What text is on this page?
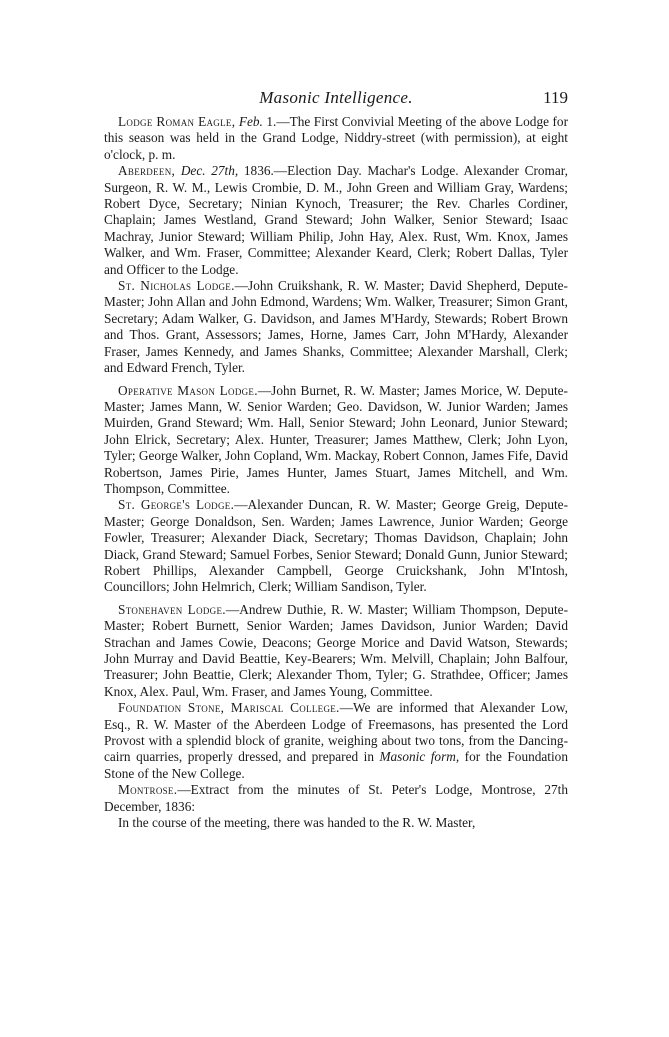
Masonic Intelligence.	119

Lodge Roman Eagle, Feb. 1.—The First Convivial Meeting of the above Lodge for this season was held in the Grand Lodge, Niddry-street (with permission), at eight o'clock, p. m.

Aberdeen, Dec. 27th, 1836.—Election Day. Machar's Lodge. Alexander Cromar, Surgeon, R. W. M., Lewis Crombie, D. M., John Green and William Gray, Wardens; Robert Dyce, Secretary; Ninian Kynoch, Treasurer; the Rev. Charles Cordiner, Chaplain; James Westland, Grand Steward; John Walker, Senior Steward; Isaac Machray, Junior Steward; William Philip, John Hay, Alex. Rust, Wm. Knox, James Walker, and Wm. Fraser, Committee; Alexander Keard, Clerk; Robert Dallas, Tyler and Officer to the Lodge.

St. Nicholas Lodge.—John Cruikshank, R. W. Master; David Shepherd, Depute-Master; John Allan and John Edmond, Wardens; Wm. Walker, Treasurer; Simon Grant, Secretary; Adam Walker, G. Davidson, and James M'Hardy, Stewards; Robert Brown and Thos. Grant, Assessors; James, Horne, James Carr, John M'Hardy, Alexander Fraser, James Kennedy, and James Shanks, Committee; Alexander Marshall, Clerk; and Edward French, Tyler.

Operative Mason Lodge.—John Burnet, R. W. Master; James Morice, W. Depute-Master; James Mann, W. Senior Warden; Geo. Davidson, W. Junior Warden; James Muirden, Grand Steward; Wm. Hall, Senior Steward; John Leonard, Junior Steward; John Elrick, Secretary; Alex. Hunter, Treasurer; James Matthew, Clerk; John Lyon, Tyler; George Walker, John Copland, Wm. Mackay, Robert Connon, James Fife, David Robertson, James Pirie, James Hunter, James Stuart, James Mitchell, and Wm. Thompson, Committee.

St. George's Lodge.—Alexander Duncan, R. W. Master; George Greig, Depute-Master; George Donaldson, Sen. Warden; James Lawrence, Junior Warden; George Fowler, Treasurer; Alexander Diack, Secretary; Thomas Davidson, Chaplain; John Diack, Grand Steward; Samuel Forbes, Senior Steward; Donald Gunn, Junior Steward; Robert Phillips, Alexander Campbell, George Cruickshank, John M'Intosh, Councillors; John Helmrich, Clerk; William Sandison, Tyler.

Stonehaven Lodge.—Andrew Duthie, R. W. Master; William Thompson, Depute-Master; Robert Burnett, Senior Warden; James Davidson, Junior Warden; David Strachan and James Cowie, Deacons; George Morice and David Watson, Stewards; John Murray and David Beattie, Key-Bearers; Wm. Melvill, Chaplain; John Balfour, Treasurer; John Beattie, Clerk; Alexander Thom, Tyler; G. Strathdee, Officer; James Knox, Alex. Paul, Wm. Fraser, and James Young, Committee.

Foundation Stone, Mariscal College.—We are informed that Alexander Low, Esq., R. W. Master of the Aberdeen Lodge of Freemasons, has presented the Lord Provost with a splendid block of granite, weighing about two tons, from the Dancing-cairn quarries, properly dressed, and prepared in Masonic form, for the Foundation Stone of the New College.

Montrose.—Extract from the minutes of St. Peter's Lodge, Montrose, 27th December, 1836:

In the course of the meeting, there was handed to the R. W. Master,
